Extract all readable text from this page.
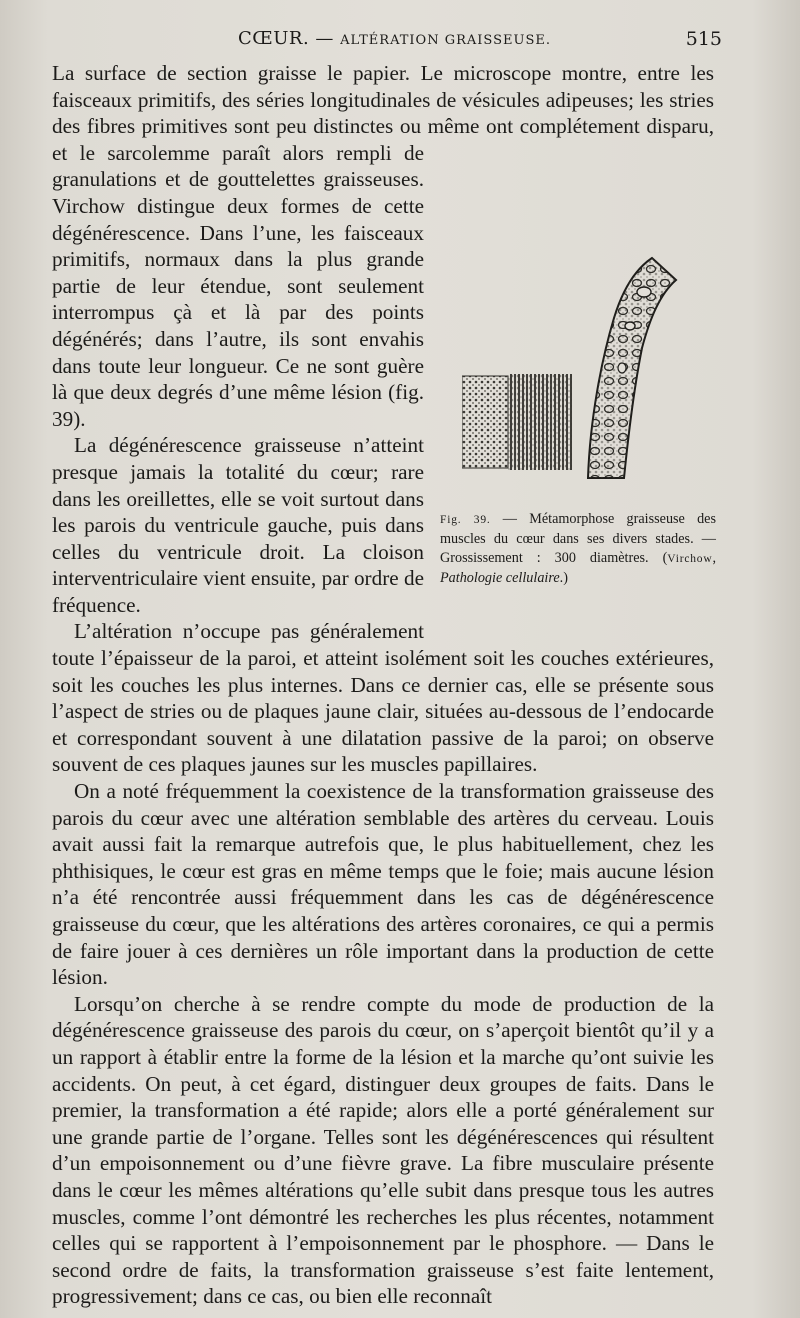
CŒUR. — ALTÉRATION GRAISSEUSE.	515

La surface de section graisse le papier. Le microscope montre, entre les faisceaux primitifs, des séries longitudinales de vésicules adipeuses; les stries des fibres primitives sont peu distinctes ou même ont complétement disparu,
Fig. 39. — Métamorphose graisseuse des muscles du cœur dans ses divers stades. — Grossissement : 300 diamètres. (Virchow, Pathologie cellulaire.)
et le sarcolemme paraît alors rempli de granulations et de gouttelettes graisseuses. Virchow distingue deux formes de cette dégénérescence. Dans l’une, les faisceaux primitifs, normaux dans la plus grande partie de leur étendue, sont seulement interrompus çà et là par des points dégénérés; dans l’autre, ils sont envahis dans toute leur longueur. Ce ne sont guère là que deux degrés d’une même lésion (fig. 39).

La dégénérescence graisseuse n’atteint presque jamais la totalité du cœur; rare dans les oreillettes, elle se voit surtout dans les parois du ventricule gauche, puis dans celles du ventricule droit. La cloison interventriculaire vient ensuite, par ordre de fréquence.

L’altération n’occupe pas généralement toute l’épaisseur de la paroi, et atteint isolément soit les couches extérieures, soit les couches les plus internes. Dans ce dernier cas, elle se présente sous l’aspect de stries ou de plaques jaune clair, situées au-dessous de l’endocarde et correspondant souvent à une dilatation passive de la paroi; on observe souvent de ces plaques jaunes sur les muscles papillaires.

On a noté fréquemment la coexistence de la transformation graisseuse des parois du cœur avec une altération semblable des artères du cerveau. Louis avait aussi fait la remarque autrefois que, le plus habituellement, chez les phthisiques, le cœur est gras en même temps que le foie; mais aucune lésion n’a été rencontrée aussi fréquemment dans les cas de dégénérescence graisseuse du cœur, que les altérations des artères coronaires, ce qui a permis de faire jouer à ces dernières un rôle important dans la production de cette lésion.

Lorsqu’on cherche à se rendre compte du mode de production de la dégénérescence graisseuse des parois du cœur, on s’aperçoit bientôt qu’il y a un rapport à établir entre la forme de la lésion et la marche qu’ont suivie les accidents. On peut, à cet égard, distinguer deux groupes de faits. Dans le premier, la transformation a été rapide; alors elle a porté généralement sur une grande partie de l’organe. Telles sont les dégénérescences qui résultent d’un empoisonnement ou d’une fièvre grave. La fibre musculaire présente dans le cœur les mêmes altérations qu’elle subit dans presque tous les autres muscles, comme l’ont démontré les recherches les plus récentes, notamment celles qui se rapportent à l’empoisonnement par le phosphore. — Dans le second ordre de faits, la transformation graisseuse s’est faite lentement, progressivement; dans ce cas, ou bien elle reconnaît
